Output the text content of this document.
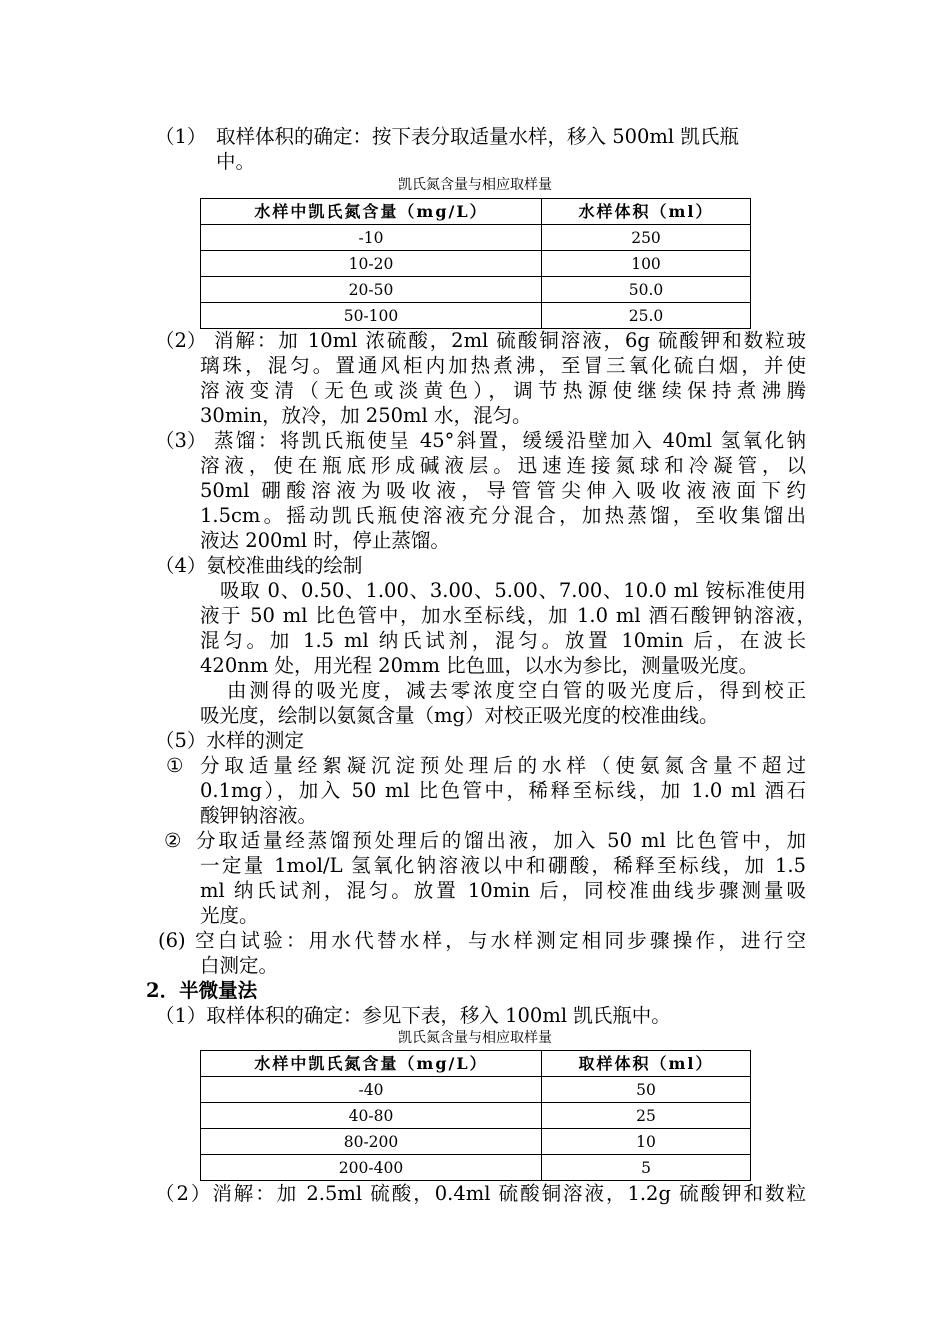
（1） 取样体积的确定：按下表分取适量水样，移入 500ml 凯氏瓶
中。
凯氏氮含量与相应取样量
水样中凯氏氮含量（mg/L）	水样体积（ml）
-10	250
10-20	100
20-50	50.0
50-100	25.0
（2） 消解：加 10ml 浓硫酸，2ml 硫酸铜溶液，6g 硫酸钾和数粒玻
璃珠，混匀。置通风柜内加热煮沸，至冒三氧化硫白烟，并使
溶液变清（无色或淡黄色），调节热源使继续保持煮沸腾
30min，放冷，加 250ml 水，混匀。
（3） 蒸馏：将凯氏瓶使呈 45°斜置，缓缓沿壁加入 40ml 氢氧化钠
溶液，使在瓶底形成碱液层。迅速连接氮球和冷凝管，以
50ml 硼酸溶液为吸收液，导管管尖伸入吸收液液面下约
1.5cm。摇动凯氏瓶使溶液充分混合，加热蒸馏，至收集馏出
液达 200ml 时，停止蒸馏。
（4）氨校准曲线的绘制
吸取 0、0.50、1.00、3.00、5.00、7.00、10.0 ml 铵标准使用
液于 50 ml 比色管中，加水至标线，加 1.0 ml 酒石酸钾钠溶液，
混匀。加 1.5 ml 纳氏试剂，混匀。放置 10min 后，在波长
420nm 处，用光程 20mm 比色皿，以水为参比，测量吸光度。
由测得的吸光度，减去零浓度空白管的吸光度后，得到校正
吸光度，绘制以氨氮含量（mg）对校正吸光度的校准曲线。
（5）水样的测定
① 分取适量经絮凝沉淀预处理后的水样（使氨氮含量不超过
0.1mg），加入 50 ml 比色管中，稀释至标线，加 1.0 ml 酒石
酸钾钠溶液。
② 分取适量经蒸馏预处理后的馏出液，加入 50 ml 比色管中，加
一定量 1mol/L 氢氧化钠溶液以中和硼酸，稀释至标线，加 1.5
ml 纳氏试剂，混匀。放置 10min 后，同校准曲线步骤测量吸
光度。
(6) 空白试验：用水代替水样，与水样测定相同步骤操作，进行空
白测定。
2．半微量法
（1）取样体积的确定：参见下表，移入 100ml 凯氏瓶中。
凯氏氮含量与相应取样量
水样中凯氏氮含量（mg/L）	取样体积（ml）
-40	50
40-80	25
80-200	10
200-400	5
（2）消解：加 2.5ml 硫酸，0.4ml 硫酸铜溶液，1.2g 硫酸钾和数粒
